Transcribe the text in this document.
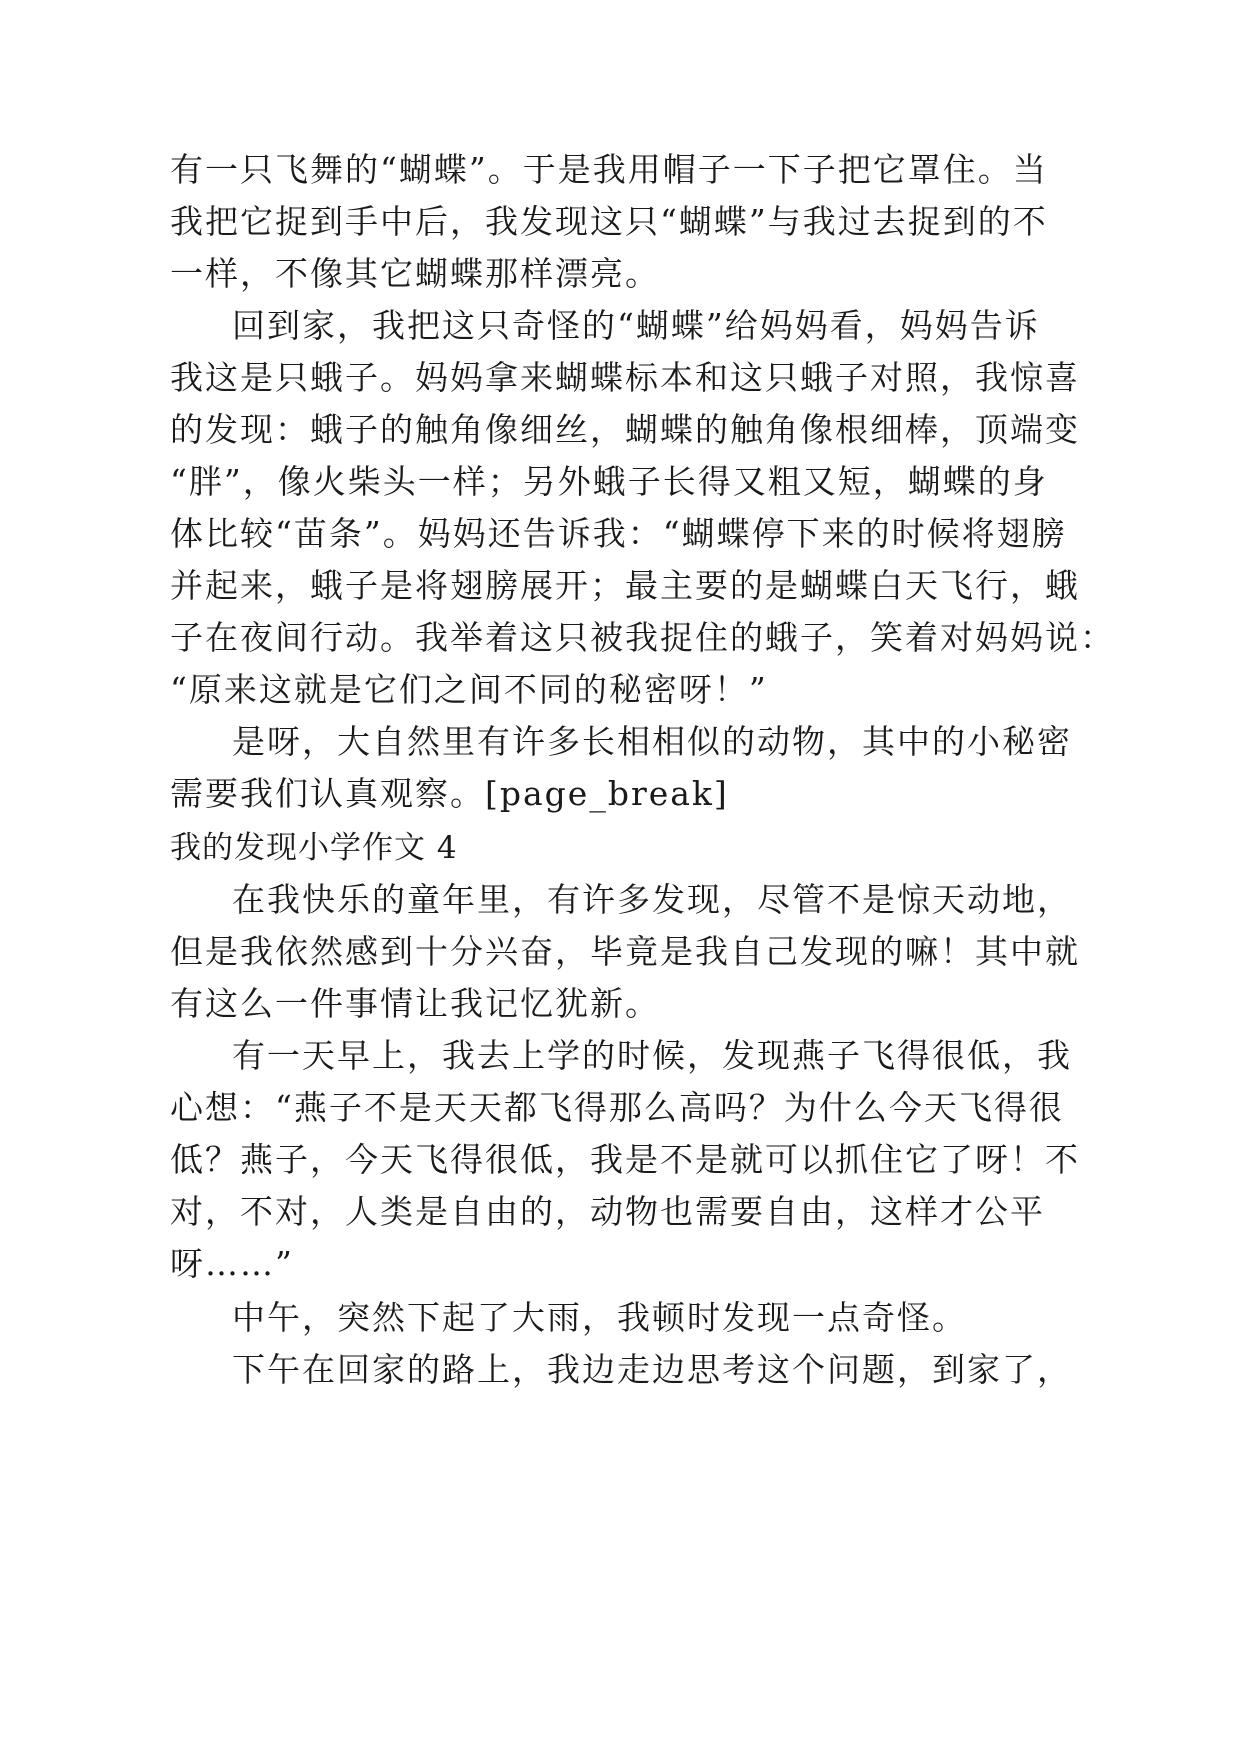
有一只飞舞的“蝴蝶”。于是我用帽子一下子把它罩住。当
我把它捉到手中后，我发现这只“蝴蝶”与我过去捉到的不
一样，不像其它蝴蝶那样漂亮。
回到家，我把这只奇怪的“蝴蝶”给妈妈看，妈妈告诉
我这是只蛾子。妈妈拿来蝴蝶标本和这只蛾子对照，我惊喜
的发现：蛾子的触角像细丝，蝴蝶的触角像根细棒，顶端变
“胖”，像火柴头一样；另外蛾子长得又粗又短，蝴蝶的身
体比较“苗条”。妈妈还告诉我：“蝴蝶停下来的时候将翅膀
并起来，蛾子是将翅膀展开；最主要的是蝴蝶白天飞行，蛾
子在夜间行动。我举着这只被我捉住的蛾子，笑着对妈妈说：
“原来这就是它们之间不同的秘密呀！”
是呀，大自然里有许多长相相似的动物，其中的小秘密
需要我们认真观察。[page_break]
我的发现小学作文 4
在我快乐的童年里，有许多发现，尽管不是惊天动地，
但是我依然感到十分兴奋，毕竟是我自己发现的嘛！其中就
有这么一件事情让我记忆犹新。
有一天早上，我去上学的时候，发现燕子飞得很低，我
心想：“燕子不是天天都飞得那么高吗？为什么今天飞得很
低？燕子，今天飞得很低，我是不是就可以抓住它了呀！不
对，不对，人类是自由的，动物也需要自由，这样才公平
呀……”
中午，突然下起了大雨，我顿时发现一点奇怪。
下午在回家的路上，我边走边思考这个问题，到家了，
